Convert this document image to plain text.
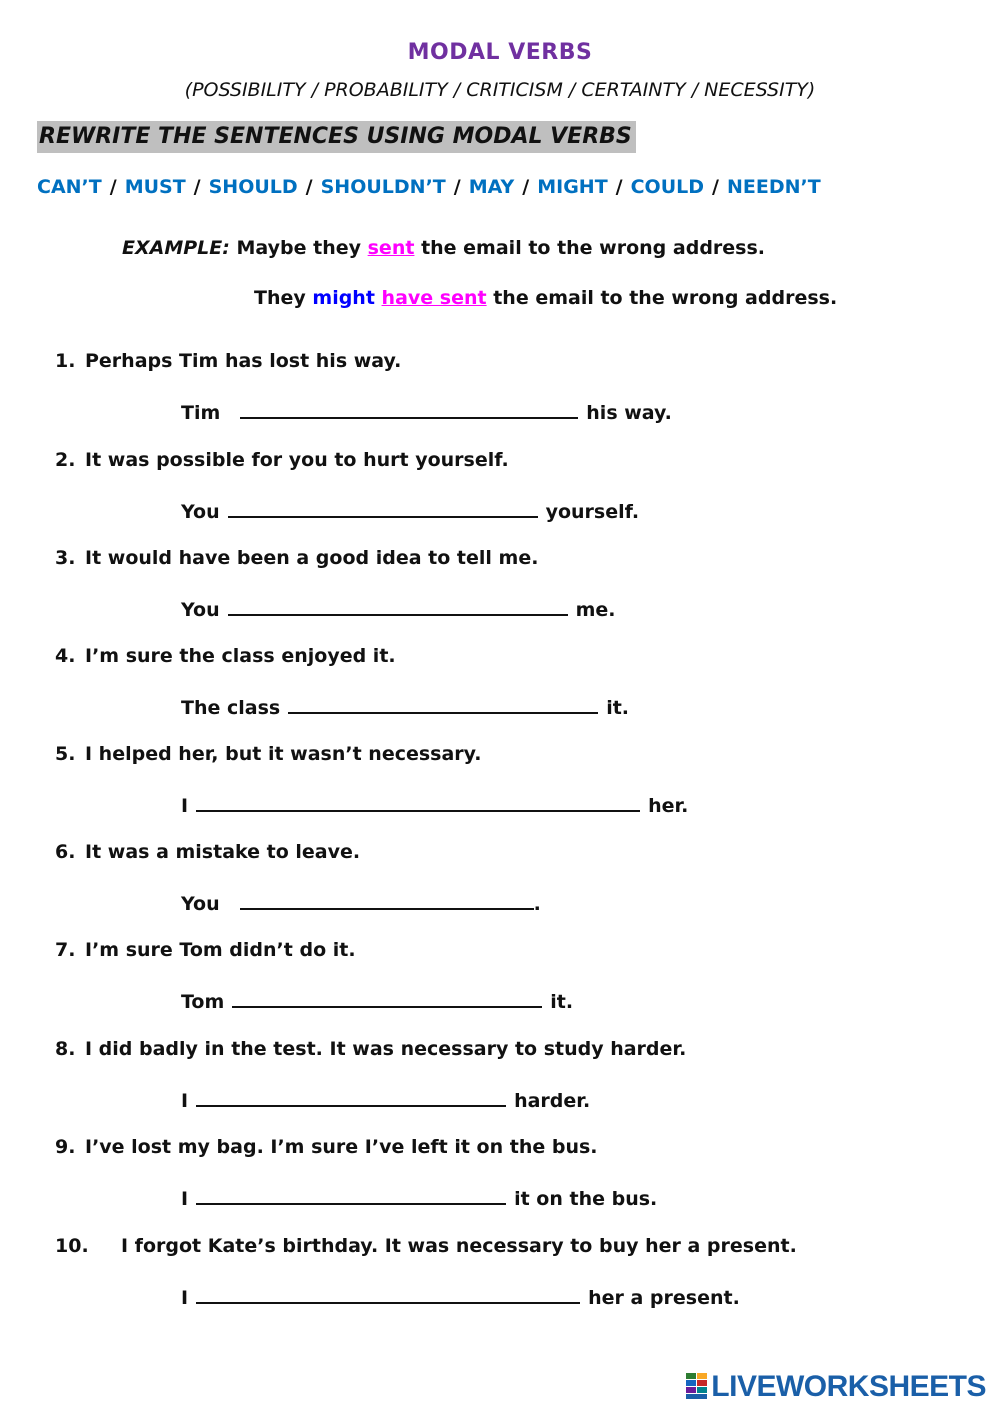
MODAL VERBS
(POSSIBILITY / PROBABILITY / CRITICISM / CERTAINTY / NECESSITY)
REWRITE THE SENTENCES USING MODAL VERBS
CAN’T / MUST / SHOULD / SHOULDN’T / MAY / MIGHT / COULD / NEEDN’T
EXAMPLE: Maybe they sent the email to the wrong address.
They might have sent the email to the wrong address.
1. Perhaps Tim has lost his way.
Tim	his way.
2. It was possible for you to hurt yourself.
You	yourself.
3. It would have been a good idea to tell me.
You	me.
4. I’m sure the class enjoyed it.
The class	it.
5. I helped her, but it wasn’t necessary.
I	her.
6. It was a mistake to leave.
You	.
7. I’m sure Tom didn’t do it.
Tom	it.
8. I did badly in the test. It was necessary to study harder.
I	harder.
9. I’ve lost my bag. I’m sure I’ve left it on the bus.
I	it on the bus.
10. I forgot Kate’s birthday. It was necessary to buy her a present.
I	her a present.
LIVEWORKSHEETS
